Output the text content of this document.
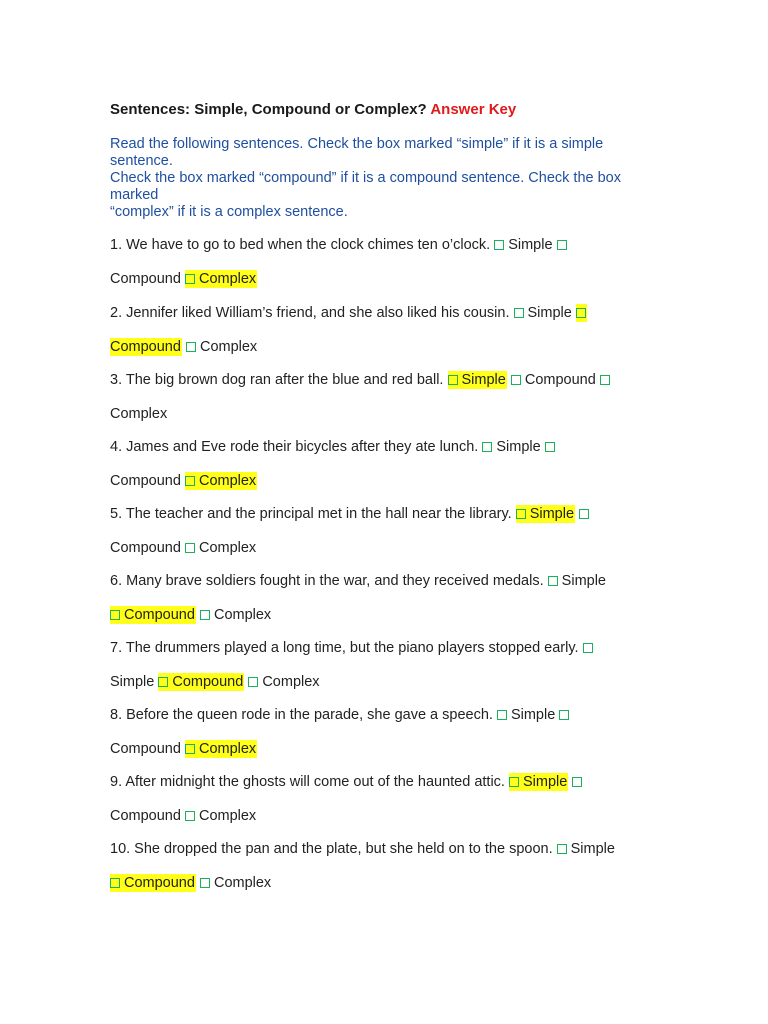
Sentences: Simple, Compound or Complex? Answer Key
Read the following sentences. Check the box marked “simple” if it is a simple
sentence.
Check the box marked “compound” if it is a compound sentence. Check the box
marked
“complex” if it is a complex sentence.
1. We have to go to bed when the clock chimes ten o’clock. Simple
Compound Complex
2. Jennifer liked William’s friend, and she also liked his cousin. Simple
Compound Complex
3. The big brown dog ran after the blue and red ball. Simple Compound
Complex
4. James and Eve rode their bicycles after they ate lunch. Simple
Compound Complex
5. The teacher and the principal met in the hall near the library. Simple
Compound Complex
6. Many brave soldiers fought in the war, and they received medals. Simple
Compound Complex
7. The drummers played a long time, but the piano players stopped early.
Simple Compound Complex
8. Before the queen rode in the parade, she gave a speech. Simple
Compound Complex
9. After midnight the ghosts will come out of the haunted attic. Simple
Compound Complex
10. She dropped the pan and the plate, but she held on to the spoon. Simple
Compound Complex
